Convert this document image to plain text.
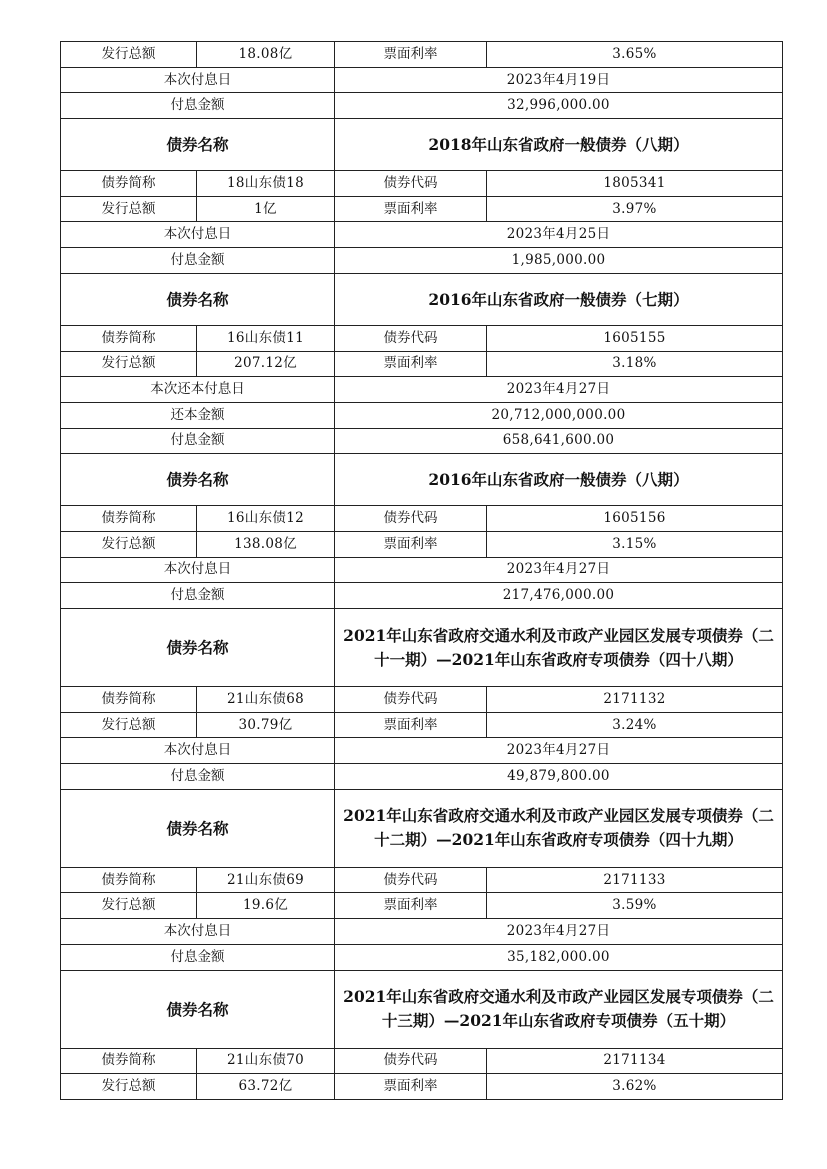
发行总额	18.08亿	票面利率	3.65%
本次付息日		2023年4月19日	
付息金额		32,996,000.00	
债券名称		2018年山东省政府一般债券（八期）	
债券简称	18山东债18	债券代码	1805341
发行总额	1亿	票面利率	3.97%
本次付息日		2023年4月25日	
付息金额		1,985,000.00	
债券名称		2016年山东省政府一般债券（七期）	
债券简称	16山东债11	债券代码	1605155
发行总额	207.12亿	票面利率	3.18%
本次还本付息日		2023年4月27日	
还本金额		20,712,000,000.00	
付息金额		658,641,600.00	
债券名称		2016年山东省政府一般债券（八期）	
债券简称	16山东债12	债券代码	1605156
发行总额	138.08亿	票面利率	3.15%
本次付息日		2023年4月27日	
付息金额		217,476,000.00	
债券名称		2021年山东省政府交通水利及市政产业园区发展专项债券（二十一期）—2021年山东省政府专项债券（四十八期）	
债券简称	21山东债68	债券代码	2171132
发行总额	30.79亿	票面利率	3.24%
本次付息日		2023年4月27日	
付息金额		49,879,800.00	
债券名称		2021年山东省政府交通水利及市政产业园区发展专项债券（二十二期）—2021年山东省政府专项债券（四十九期）	
债券简称	21山东债69	债券代码	2171133
发行总额	19.6亿	票面利率	3.59%
本次付息日		2023年4月27日	
付息金额		35,182,000.00	
债券名称		2021年山东省政府交通水利及市政产业园区发展专项债券（二十三期）—2021年山东省政府专项债券（五十期）	
债券简称	21山东债70	债券代码	2171134
发行总额	63.72亿	票面利率	3.62%
